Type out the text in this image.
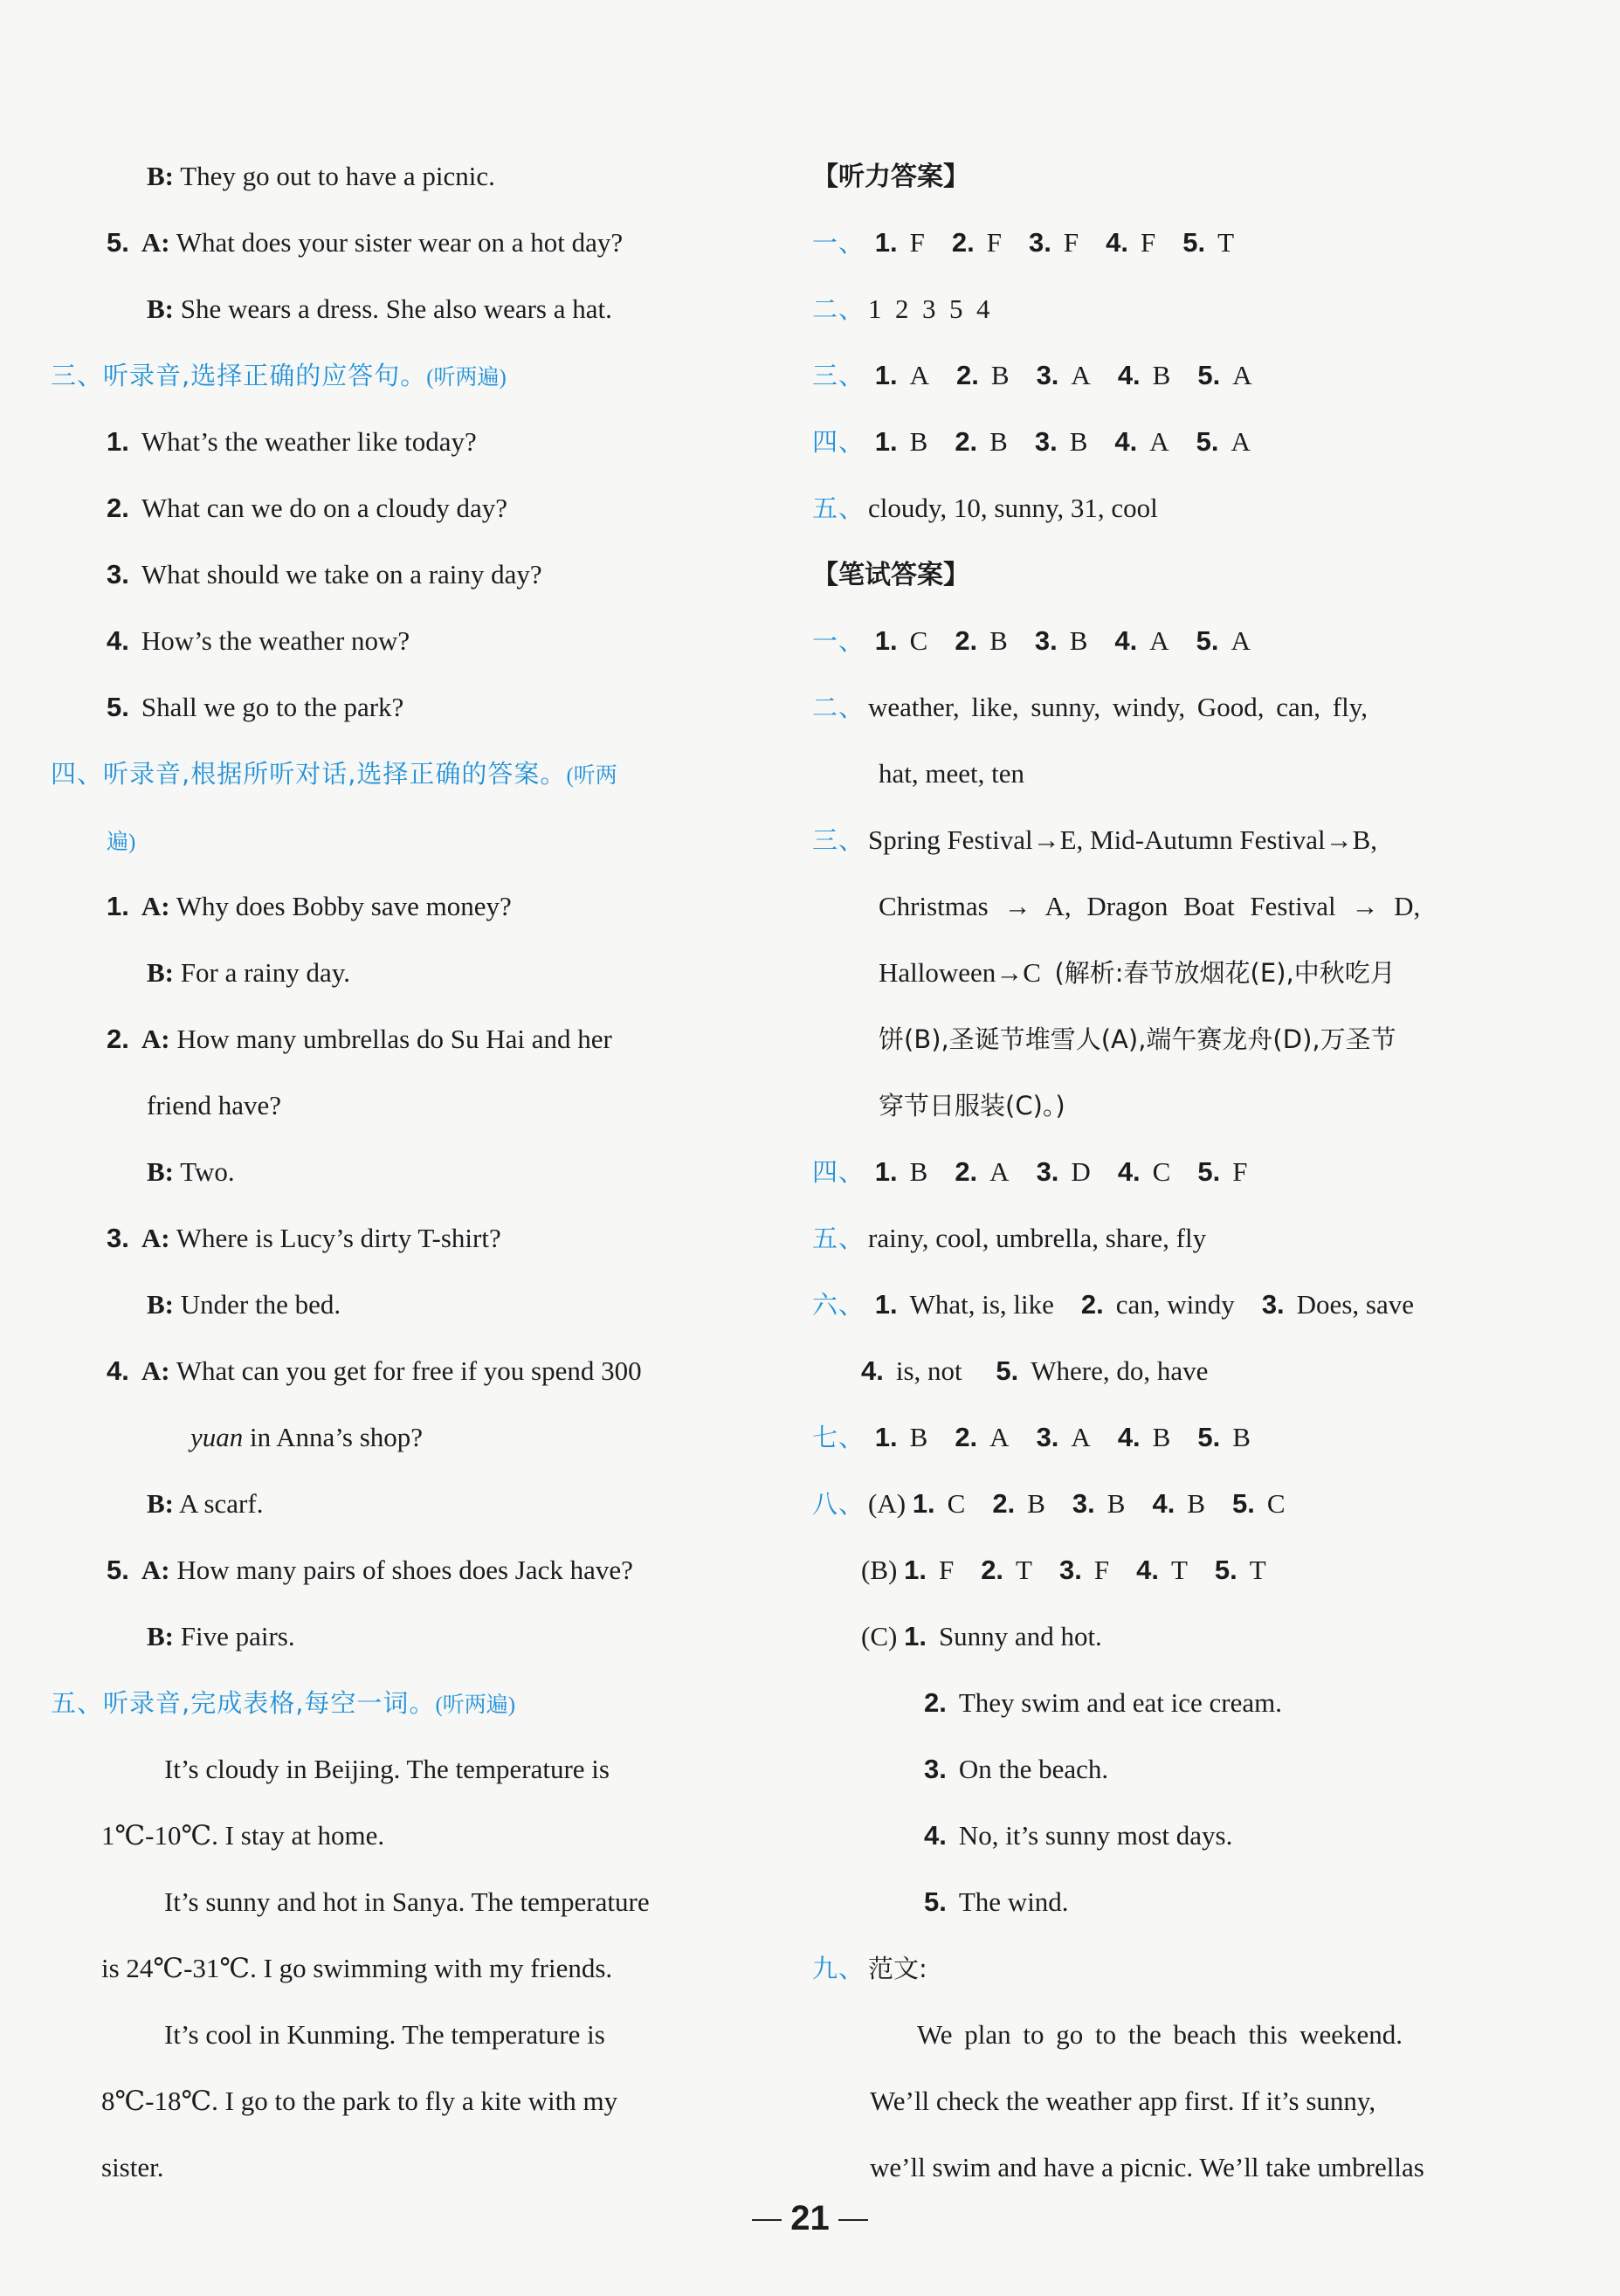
B: They go out to have a picnic.
5. A: What does your sister wear on a hot day?
B: She wears a dress. She also wears a hat.
三、听录音,选择正确的应答句。(听两遍)
1. What’s the weather like today?
2. What can we do on a cloudy day?
3. What should we take on a rainy day?
4. How’s the weather now?
5. Shall we go to the park?
四、听录音,根据所听对话,选择正确的答案。(听两
遍)
1. A: Why does Bobby save money?
B: For a rainy day.
2. A: How many umbrellas do Su Hai and her
friend have?
B: Two.
3. A: Where is Lucy’s dirty T-shirt?
B: Under the bed.
4. A: What can you get for free if you spend 300
yuan in Anna’s shop?
B: A scarf.
5. A: How many pairs of shoes does Jack have?
B: Five pairs.
五、听录音,完成表格,每空一词。(听两遍)
It’s cloudy in Beijing. The temperature is
1℃-10℃. I stay at home.
It’s sunny and hot in Sanya. The temperature
is 24℃-31℃. I go swimming with my friends.
It’s cool in Kunming. The temperature is
8℃-18℃. I go to the park to fly a kite with my
sister.
【听力答案】
一、 1. F 2. F 3. F 4. F 5. T
二、 1  2  3  5  4
三、 1. A 2. B 3. A 4. B 5. A
四、 1. B 2. B 3. B 4. A 5. A
五、 cloudy, 10, sunny, 31, cool
【笔试答案】
一、 1. C 2. B 3. B 4. A 5. A
二、 weather, like, sunny, windy, Good, can, fly,
hat, meet, ten
三、 Spring Festival→E, Mid-Autumn Festival→B,
Christmas → A, Dragon Boat Festival → D,
Halloween→C (解析:春节放烟花(E),中秋吃月
饼(B),圣诞节堆雪人(A),端午赛龙舟(D),万圣节
穿节日服装(C)。)
四、 1. B 2. A 3. D 4. C 5. F
五、 rainy, cool, umbrella, share, fly
六、 1. What, is, like 2. can, windy 3. Does, save
4. is, not 5. Where, do, have
七、 1. B 2. A 3. A 4. B 5. B
八、 (A) 1. C 2. B 3. B 4. B 5. C
(B) 1. F 2. T 3. F 4. T 5. T
(C) 1. Sunny and hot.
2. They swim and eat ice cream.
3. On the beach.
4. No, it’s sunny most days.
5. The wind.
九、 范文:
We plan to go to the beach this weekend.
We’ll check the weather app first. If it’s sunny,
we’ll swim and have a picnic. We’ll take umbrellas
21
